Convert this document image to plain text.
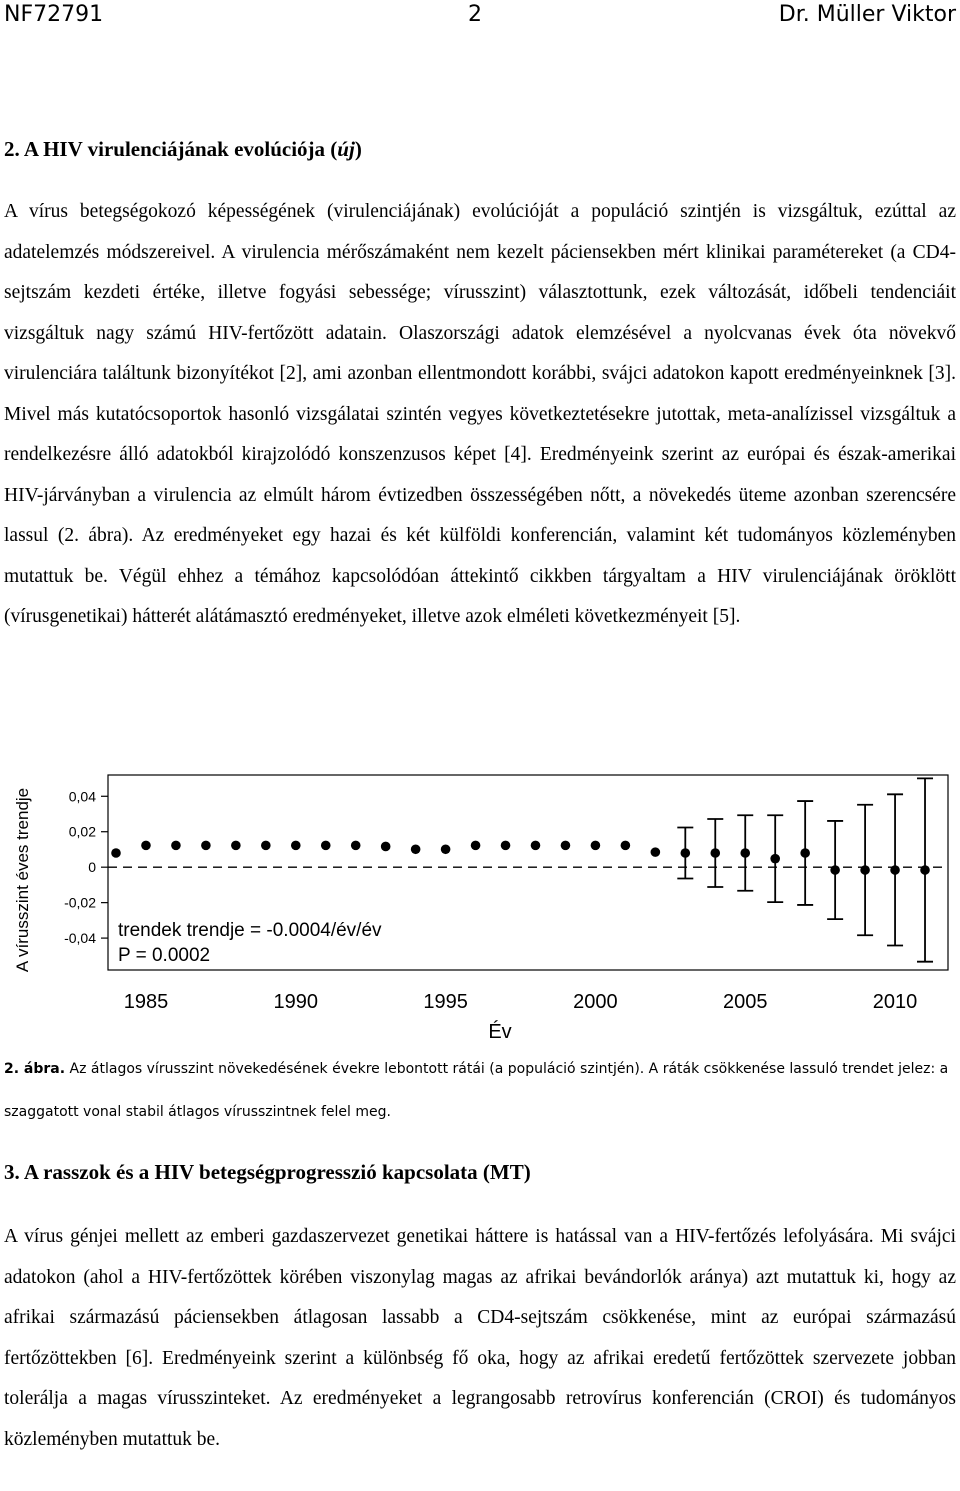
NF72791	2	Dr. Müller Viktor
2. A HIV virulenciájának evolúciója (új)

A vírus betegségokozó képességének (virulenciájának) evolúcióját a populáció szintjén is vizsgáltuk, ezúttal az adatelemzés módszereivel. A virulencia mérőszámaként nem kezelt páciensekben mért klinikai paramétereket (a CD4-sejtszám kezdeti értéke, illetve fogyási sebessége; vírusszint) választottunk, ezek változását, időbeli tendenciáit vizsgáltuk nagy számú HIV-fertőzött adatain. Olaszországi adatok elemzésével a nyolcvanas évek óta növekvő virulenciára találtunk bizonyítékot [2], ami azonban ellentmondott korábbi, svájci adatokon kapott eredményeinknek [3]. Mivel más kutatócsoportok hasonló vizsgálatai szintén vegyes következtetésekre jutottak, meta-analízissel vizsgáltuk a rendelkezésre álló adatokból kirajzolódó konszenzusos képet [4]. Eredményeink szerint az európai és észak-amerikai HIV-járványban a virulencia az elmúlt három évtizedben összességében nőtt, a növekedés üteme azonban szerencsére lassul (2. ábra). Az eredményeket egy hazai és két külföldi konferencián, valamint két tudományos közleményben mutattuk be. Végül ehhez a témához kapcsolódóan áttekintő cikkben tárgyaltam a HIV virulenciájának öröklött (vírusgenetikai) hátterét alátámasztó eredményeket, illetve azok elméleti következményeit [5].

A vírusszint éves trendje
Év
trendek trendje = -0.0004/év/év
P = 0.0002
0,04
0,02
0
-0,02
-0,04
1985	1990	1995	2000	2005	2010

2. ábra. Az átlagos vírusszint növekedésének évekre lebontott rátái (a populáció szintjén). A ráták csökkenése lassuló trendet jelez: a szaggatott vonal stabil átlagos vírusszintnek felel meg.

3. A rasszok és a HIV betegségprogresszió kapcsolata (MT)

A vírus génjei mellett az emberi gazdaszervezet genetikai háttere is hatással van a HIV-fertőzés lefolyására. Mi svájci adatokon (ahol a HIV-fertőzöttek körében viszonylag magas az afrikai bevándorlók aránya) azt mutattuk ki, hogy az afrikai származású páciensekben átlagosan lassabb a CD4-sejtszám csökkenése, mint az európai származású fertőzöttekben [6]. Eredményeink szerint a különbség fő oka, hogy az afrikai eredetű fertőzöttek szervezete jobban tolerálja a magas vírusszinteket. Az eredményeket a legrangosabb retrovírus konferencián (CROI) és tudományos közleményben mutattuk be.
